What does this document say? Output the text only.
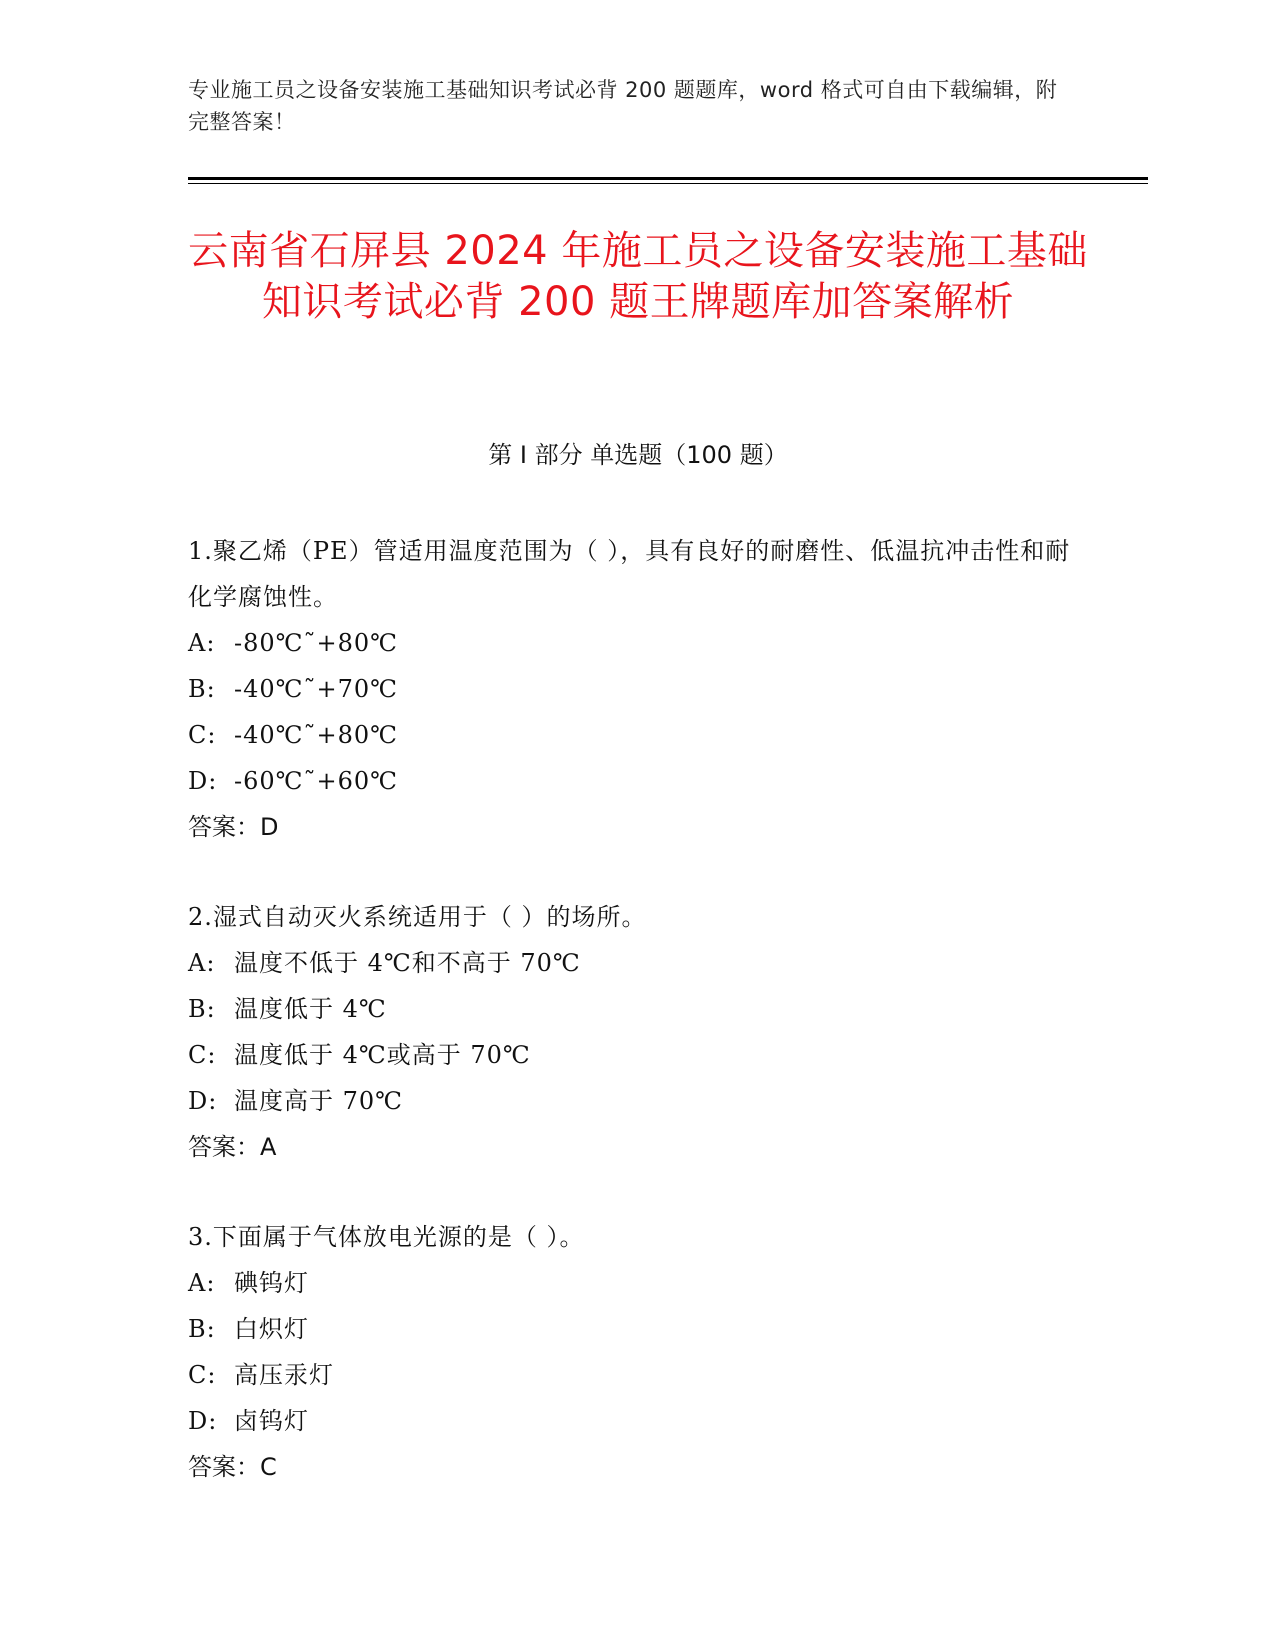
专业施工员之设备安装施工基础知识考试必背 200 题题库，word 格式可自由下载编辑，附完整答案！
云南省石屏县 2024 年施工员之设备安装施工基础知识考试必背 200 题王牌题库加答案解析
第 I 部分 单选题（100 题）

1.聚乙烯（PE）管适用温度范围为（ ），具有良好的耐磨性、低温抗冲击性和耐化学腐蚀性。

A: -80℃˜+80℃

B: -40℃˜+70℃

C: -40℃˜+80℃

D: -60℃˜+60℃

答案：D

2.湿式自动灭火系统适用于（ ）的场所。

A: 温度不低于 4℃和不高于 70℃

B: 温度低于 4℃

C: 温度低于 4℃或高于 70℃

D: 温度高于 70℃

答案：A

3.下面属于气体放电光源的是（ ）。

A: 碘钨灯

B: 白炽灯

C: 高压汞灯

D: 卤钨灯

答案：C
